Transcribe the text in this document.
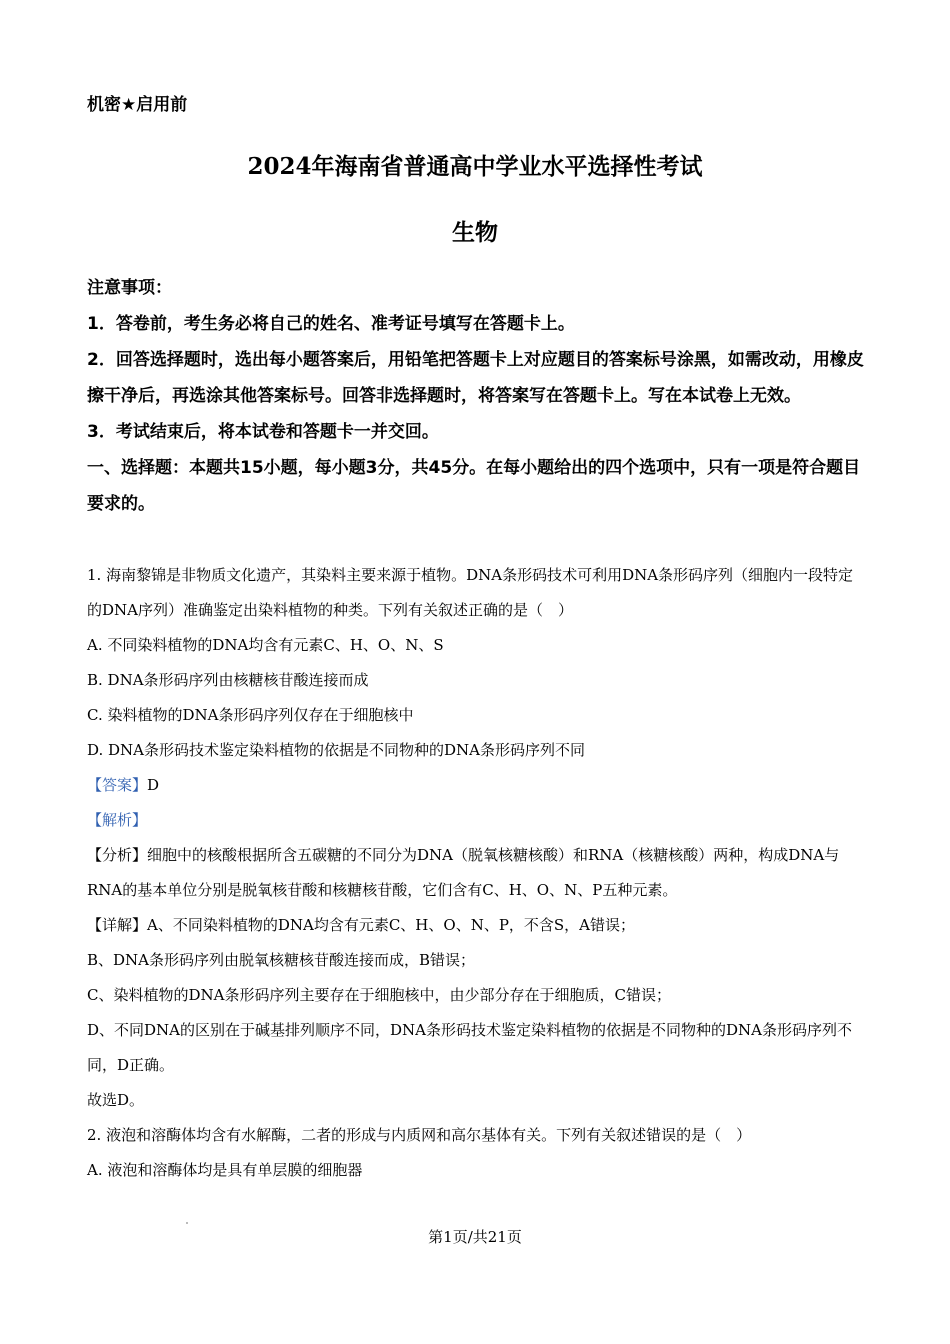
机密★启用前
2024年海南省普通高中学业水平选择性考试
生物

注意事项：

1．答卷前，考生务必将自己的姓名、准考证号填写在答题卡上。

2．回答选择题时，选出每小题答案后，用铅笔把答题卡上对应题目的答案标号涂黑，如需改动，用橡皮擦干净后，再选涂其他答案标号。回答非选择题时，将答案写在答题卡上。写在本试卷上无效。

3．考试结束后，将本试卷和答题卡一并交回。

一、选择题：本题共15小题，每小题3分，共45分。在每小题给出的四个选项中，只有一项是符合题目要求的。

1. 海南黎锦是非物质文化遗产，其染料主要来源于植物。DNA条形码技术可利用DNA条形码序列（细胞内一段特定的DNA序列）准确鉴定出染料植物的种类。下列有关叙述正确的是（　）

A. 不同染料植物的DNA均含有元素C、H、O、N、S

B. DNA条形码序列由核糖核苷酸连接而成

C. 染料植物的DNA条形码序列仅存在于细胞核中

D. DNA条形码技术鉴定染料植物的依据是不同物种的DNA条形码序列不同

【答案】D

【解析】

【分析】细胞中的核酸根据所含五碳糖的不同分为DNA（脱氧核糖核酸）和RNA（核糖核酸）两种，构成DNA与RNA的基本单位分别是脱氧核苷酸和核糖核苷酸，它们含有C、H、O、N、P五种元素。

【详解】A、不同染料植物的DNA均含有元素C、H、O、N、P，不含S，A错误；

B、DNA条形码序列由脱氧核糖核苷酸连接而成，B错误；

C、染料植物的DNA条形码序列主要存在于细胞核中，由少部分存在于细胞质，C错误；

D、不同DNA的区别在于碱基排列顺序不同，DNA条形码技术鉴定染料植物的依据是不同物种的DNA条形码序列不同，D正确。

故选D。

2. 液泡和溶酶体均含有水解酶，二者的形成与内质网和高尔基体有关。下列有关叙述错误的是（　）

A. 液泡和溶酶体均是具有单层膜的细胞器

第1页/共21页
